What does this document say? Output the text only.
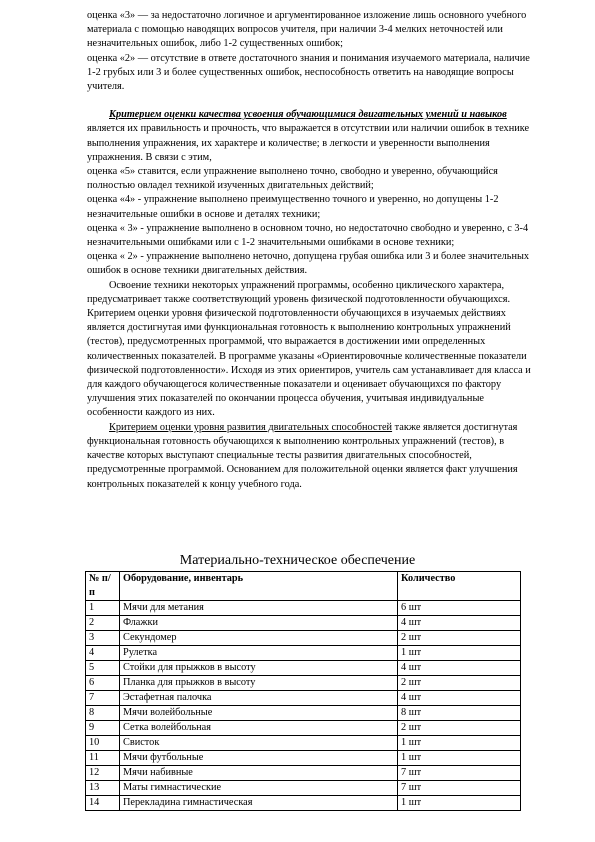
оценка «3» — за недостаточно логичное и аргументированное изложение лишь основного учебного материала с помощью наводящих вопросов учителя, при наличии 3-4 мелких неточностей или незначительных ошибок, либо 1-2 существенных ошибок;

оценка «2» — отсутствие в ответе достаточного знания и понимания изучаемого материала, наличие 1-2 грубых или 3 и более существенных ошибок, неспособность ответить на наводящие вопросы учителя.

Критерием оценки качества усвоения обучающимися двигательных умений и навыков является их правильность и прочность, что выражается в отсутствии или наличии ошибок в технике выполнения упражнения, их характере и количестве; в легкости и уверенности выполнения упражнения. В связи с этим,

оценка «5» ставится, если упражнение выполнено точно, свободно и уверенно, обучающийся полностью овладел техникой изученных двигательных действий;

оценка «4» - упражнение выполнено преимущественно точного и уверенно, но допущены 1-2 незначительные ошибки в основе и деталях техники;

оценка « 3» - упражнение выполнено в основном точно, но недостаточно свободно и уверенно, с 3-4 незначительными ошибками или с 1-2 значительными ошибками в основе техники;

оценка « 2» - упражнение выполнено неточно, допущена грубая ошибка или 3 и более значительных ошибок в основе техники двигательных действия.

Освоение техники некоторых упражнений программы, особенно циклического характера, предусматривает также соответствующий уровень физической подготовленности обучающихся. Критерием оценки уровня физической подготовленности обучающихся в изучаемых действиях является достигнутая ими функциональная готовность к выполнению контрольных упражнений (тестов), предусмотренных программой, что выражается в достижении ими определенных количественных показателей. В программе указаны «Ориентировочные количественные показатели физической подготовленности». Исходя из этих ориентиров, учитель сам устанавливает для класса и для каждого обучающегося количественные показатели и оценивает обучающихся по фактору улучшения этих показателей по окончании процесса обучения, учитывая индивидуальные особенности каждого из них.

Критерием оценки уровня развития двигательных способностей также является достигнутая функциональная готовность обучающихся к выполнению контрольных упражнений (тестов), в качестве которых выступают специальные тесты развития двигательных способностей, предусмотренные программой. Основанием для положительной оценки является факт улучшения контрольных показателей к концу учебного года.

Материально-техническое обеспечение
№ п/п	Оборудование, инвентарь	Количество
1	Мячи для метания	6 шт
2	Флажки	4 шт
3	Секундомер	2 шт
4	Рулетка	1 шт
5	Стойки для прыжков в высоту	4 шт
6	Планка для прыжков в высоту	2 шт
7	Эстафетная палочка	4 шт
8	Мячи волейбольные	8 шт
9	Сетка волейбольная	2 шт
10	Свисток	1 шт
11	Мячи футбольные	1 шт
12	Мячи набивные	7 шт
13	Маты гимнастические	7 шт
14	Перекладина гимнастическая	1 шт
